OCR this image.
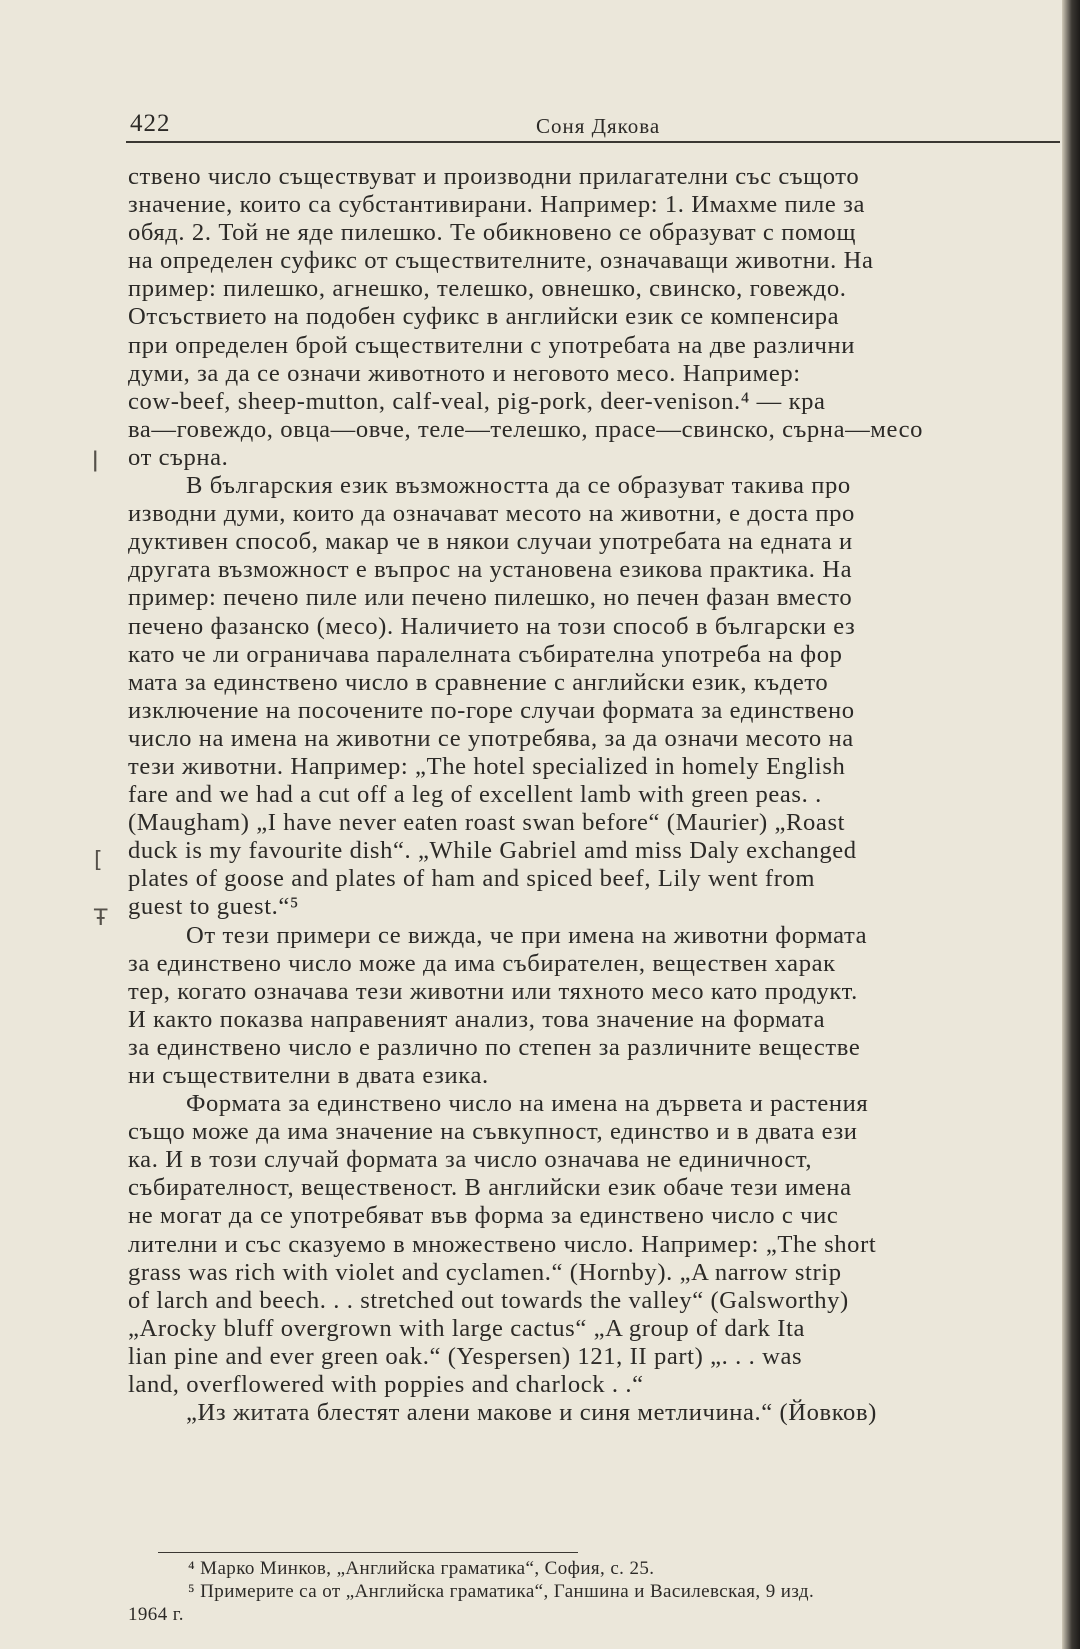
422	Соня Дякова
ǀ
[
Ŧ
ствено число съществуват и производни прилагателни със същото
значение, които са субстантивирани. Например: 1. Имахме пиле за
обяд. 2. Той не яде пилешко. Те обикновено се образуват с помощ
на определен суфикс от съществителните, означаващи животни. На
пример: пилешко, агнешко, телешко, овнешко, свинско, говеждо.
Отсъствието на подобен суфикс в английски език се компенсира
при определен брой съществителни с употребата на две различни
думи, за да се означи животното и неговото месо. Например:
cow-beef, sheep-mutton, calf-veal, pig-pork, deer-venison.⁴ — кра
ва—говеждо, овца—овче, теле—телешко, прасе—свинско, сърна—месо
от сърна.
В българския език възможността да се образуват такива про
изводни думи, които да означават месото на животни, е доста про
дуктивен способ, макар че в някои случаи употребата на едната и
другата възможност е въпрос на установена езикова практика. На
пример: печено пиле или печено пилешко, но печен фазан вместо
печено фазанско (месо). Наличието на този способ в български ез
като че ли ограничава паралелната събирателна употреба на фор
мата за единствено число в сравнение с английски език, където
изключение на посочените по-горе случаи формата за единствено
число на имена на животни се употребява, за да означи месото на
тези животни. Например: „The hotel specialized in homely English
fare and we had a cut off a leg of excellent lamb with green peas. .
(Maugham) „I have never eaten roast swan before“ (Maurier) „Roast
duck is my favourite dish“. „While Gabriel amd miss Daly exchanged
plates of goose and plates of ham and spiced beef, Lily went from
guest to guest.“⁵
От тези примери се вижда, че при имена на животни формата
за единствено число може да има събирателен, веществен харак
тер, когато означава тези животни или тяхното месо като продукт.
И както показва направеният анализ, това значение на формата
за единствено число е различно по степен за различните веществе
ни съществителни в двата езика.
Формата за единствено число на имена на дървета и растения
също може да има значение на съвкупност, единство и в двата ези
ка. И в този случай формата за число означава не единичност,
събирателност, вещественост. В английски език обаче тези имена
не могат да се употребяват във форма за единствено число с чис
лителни и със сказуемо в множествено число. Например: „The short
grass was rich with violet and cyclamen.“ (Hornby). „A narrow strip
of larch and beech. . . stretched out towards the valley“ (Galsworthy)
„Arocky bluff overgrown with large cactus“ „A group of dark Ita
lian pine and ever green oak.“ (Yespersen) 121, II part) „. . . was
land, overflowered with poppies and charlock . .“
„Из житата блестят алени макове и синя метличина.“ (Йовков)
⁴ Марко Минков, „Английска граматика“, София, с. 25.
⁵ Примерите са от „Английска граматика“, Ганшина и Василевская, 9 изд.
1964 г.
